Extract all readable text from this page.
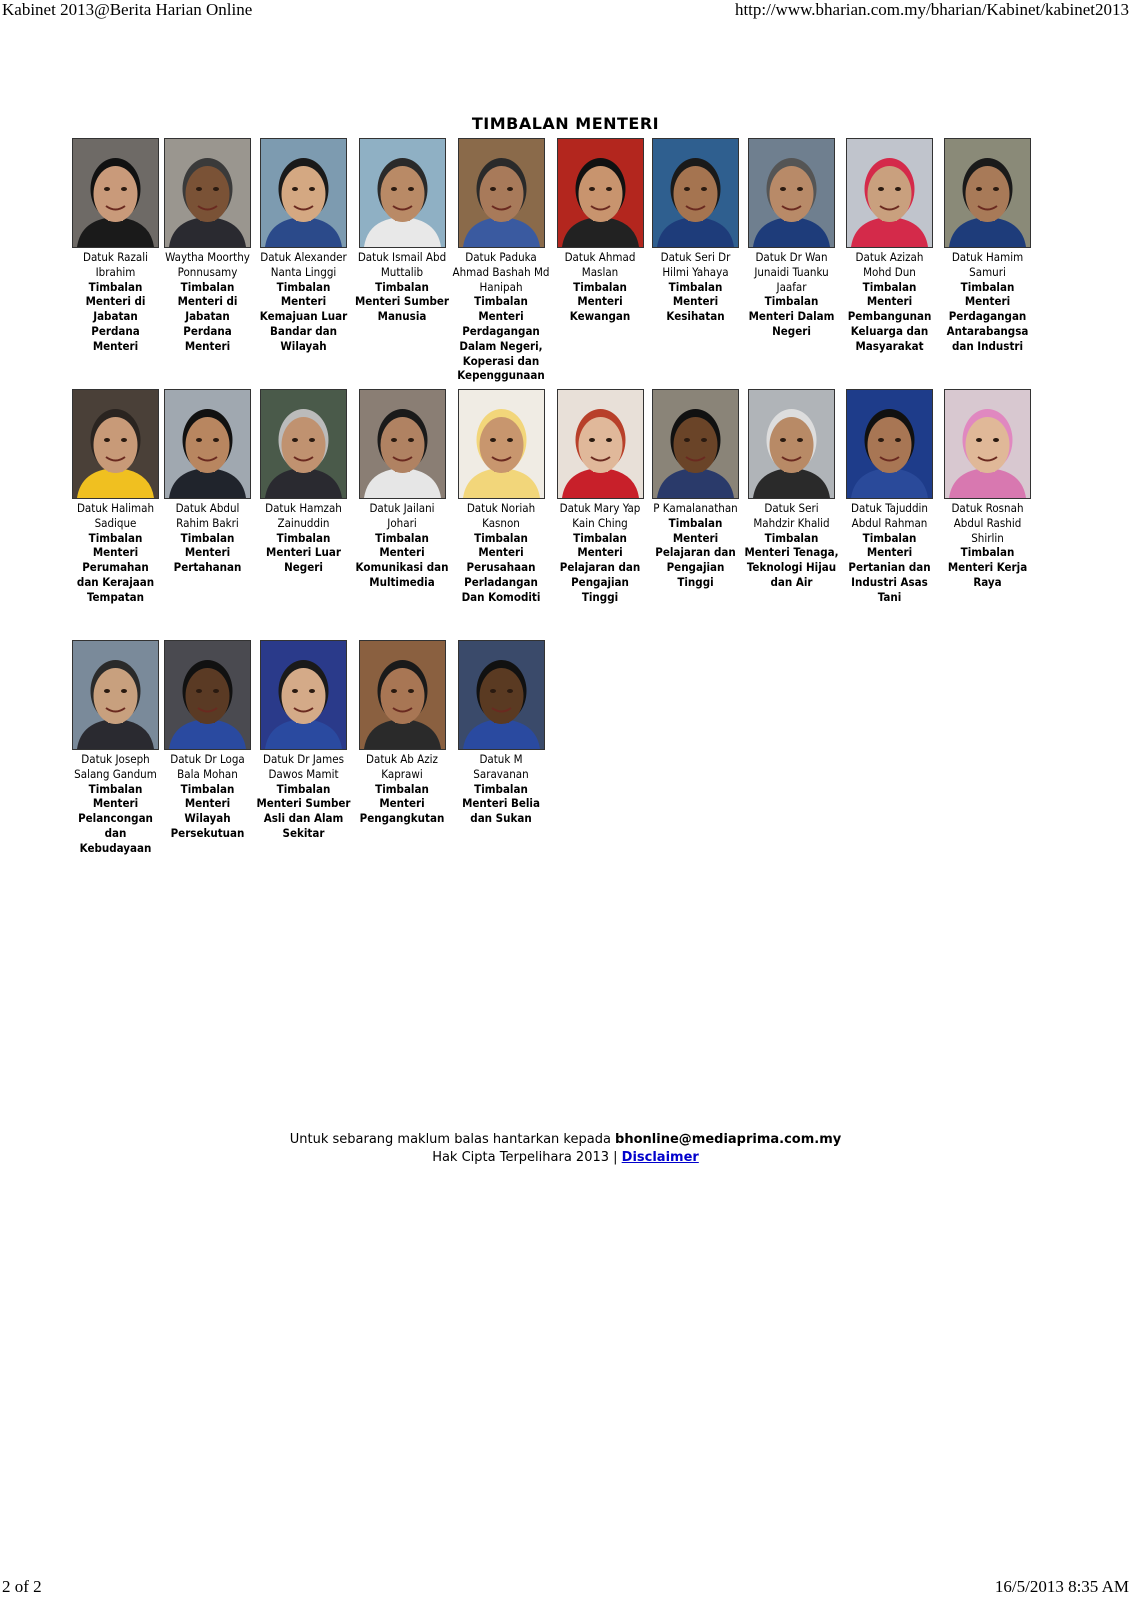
Kabinet 2013@Berita Harian Online	http://www.bharian.com.my/bharian/Kabinet/kabinet2013
TIMBALAN MENTERI
Datuk Razali Ibrahim
Timbalan Menteri di Jabatan Perdana Menteri
Waytha Moorthy Ponnusamy
Timbalan Menteri di Jabatan Perdana Menteri
Datuk Alexander Nanta Linggi
Timbalan Menteri Kemajuan Luar Bandar dan Wilayah
Datuk Ismail Abd Muttalib
Timbalan Menteri Sumber Manusia
Datuk Paduka Ahmad Bashah Md Hanipah
Timbalan Menteri Perdagangan Dalam Negeri, Koperasi dan Kepenggunaan
Datuk Ahmad Maslan
Timbalan Menteri Kewangan
Datuk Seri Dr Hilmi Yahaya
Timbalan Menteri Kesihatan
Datuk Dr Wan Junaidi Tuanku Jaafar
Timbalan Menteri Dalam Negeri
Datuk Azizah Mohd Dun
Timbalan Menteri Pembangunan Keluarga dan Masyarakat
Datuk Hamim Samuri
Timbalan Menteri Perdagangan Antarabangsa dan Industri
Datuk Halimah Sadique
Timbalan Menteri Perumahan dan Kerajaan Tempatan
Datuk Abdul Rahim Bakri
Timbalan Menteri Pertahanan
Datuk Hamzah Zainuddin
Timbalan Menteri Luar Negeri
Datuk Jailani Johari
Timbalan Menteri Komunikasi dan Multimedia
Datuk Noriah Kasnon
Timbalan Menteri Perusahaan Perladangan Dan Komoditi
Datuk Mary Yap Kain Ching
Timbalan Menteri Pelajaran dan Pengajian Tinggi
P Kamalanathan
Timbalan Menteri Pelajaran dan Pengajian Tinggi
Datuk Seri Mahdzir Khalid
Timbalan Menteri Tenaga, Teknologi Hijau dan Air
Datuk Tajuddin Abdul Rahman
Timbalan Menteri Pertanian dan Industri Asas Tani
Datuk Rosnah Abdul Rashid Shirlin
Timbalan Menteri Kerja Raya
Datuk Joseph Salang Gandum
Timbalan Menteri Pelancongan dan Kebudayaan
Datuk Dr Loga Bala Mohan
Timbalan Menteri Wilayah Persekutuan
Datuk Dr James Dawos Mamit
Timbalan Menteri Sumber Asli dan Alam Sekitar
Datuk Ab Aziz Kaprawi
Timbalan Menteri Pengangkutan
Datuk M Saravanan
Timbalan Menteri Belia dan Sukan
Untuk sebarang maklum balas hantarkan kepada bhonline@mediaprima.com.my
Hak Cipta Terpelihara 2013 | Disclaimer
2 of 2	16/5/2013 8:35 AM
